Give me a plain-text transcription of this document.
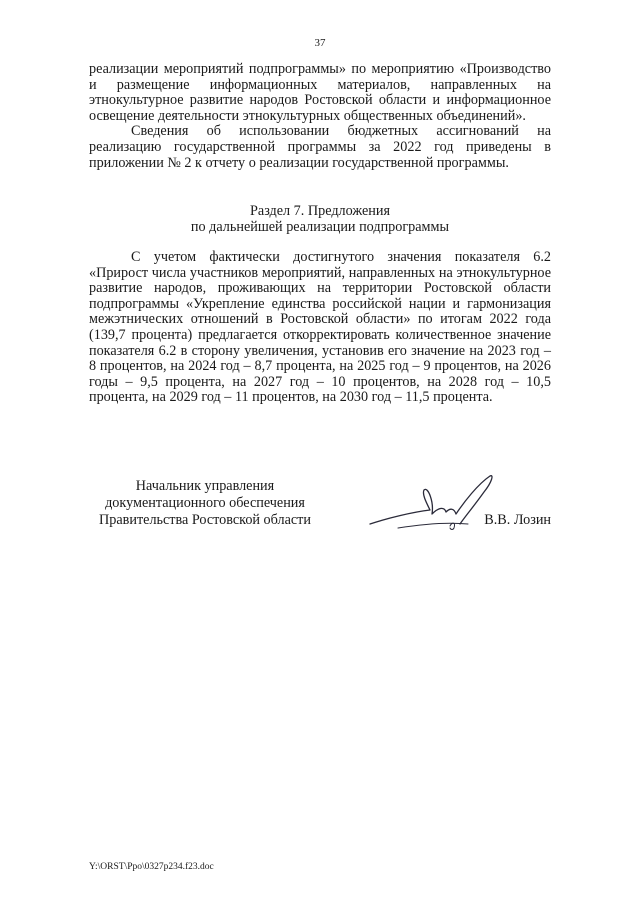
37

реализации мероприятий подпрограммы» по мероприятию «Производство и размещение информационных материалов, направленных на этнокультурное развитие народов Ростовской области и информационное освещение деятельности этнокультурных общественных объединений».

Сведения об использовании бюджетных ассигнований на реализацию государственной программы за 2022 год приведены в приложении № 2 к отчету о реализации государственной программы.

Раздел 7. Предложения
по дальнейшей реализации подпрограммы

С учетом фактически достигнутого значения показателя 6.2 «Прирост числа участников мероприятий, направленных на этнокультурное развитие народов, проживающих на территории Ростовской области подпрограммы «Укрепление единства российской нации и гармонизация межэтнических отношений в Ростовской области» по итогам 2022 года (139,7 процента) предлагается откорректировать количественное значение показателя 6.2 в сторону увеличения, установив его значение на 2023 год – 8 процентов, на 2024 год – 8,7 процента, на 2025 год – 9 процентов, на 2026 годы – 9,5 процента, на 2027 год – 10 процентов, на 2028 год – 10,5 процента, на 2029 год – 11 процентов, на 2030 год – 11,5 процента.

Начальник управления
документационного обеспечения
Правительства Ростовской области	В.В. Лозин
Y:\ORST\Ppo\0327p234.f23.doc
